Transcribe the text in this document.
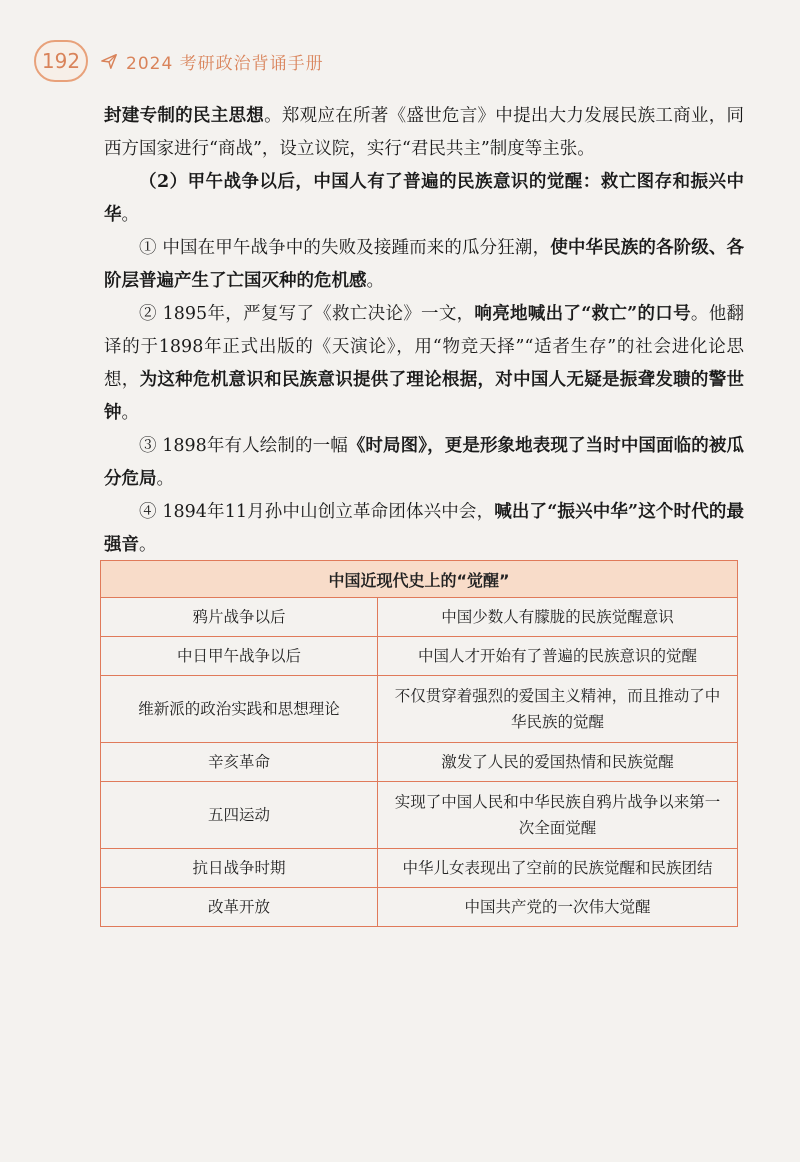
192	2024 考研政治背诵手册

封建专制的民主思想。郑观应在所著《盛世危言》中提出大力发展民族工商业，同西方国家进行“商战”，设立议院，实行“君民共主”制度等主张。

（2）甲午战争以后，中国人有了普遍的民族意识的觉醒：救亡图存和振兴中华。

① 中国在甲午战争中的失败及接踵而来的瓜分狂潮，使中华民族的各阶级、各阶层普遍产生了亡国灭种的危机感。

② 1895年，严复写了《救亡决论》一文，响亮地喊出了“救亡”的口号。他翻译的于1898年正式出版的《天演论》，用“物竞天择”“适者生存”的社会进化论思想，为这种危机意识和民族意识提供了理论根据，对中国人无疑是振聋发聩的警世钟。

③ 1898年有人绘制的一幅《时局图》，更是形象地表现了当时中国面临的被瓜分危局。

④ 1894年11月孙中山创立革命团体兴中会，喊出了“振兴中华”这个时代的最强音。

中国近现代史上的“觉醒”	
鸦片战争以后	中国少数人有朦胧的民族觉醒意识
中日甲午战争以后	中国人才开始有了普遍的民族意识的觉醒
维新派的政治实践和思想理论	不仅贯穿着强烈的爱国主义精神，而且推动了中华民族的觉醒
辛亥革命	激发了人民的爱国热情和民族觉醒
五四运动	实现了中国人民和中华民族自鸦片战争以来第一次全面觉醒
抗日战争时期	中华儿女表现出了空前的民族觉醒和民族团结
改革开放	中国共产党的一次伟大觉醒
